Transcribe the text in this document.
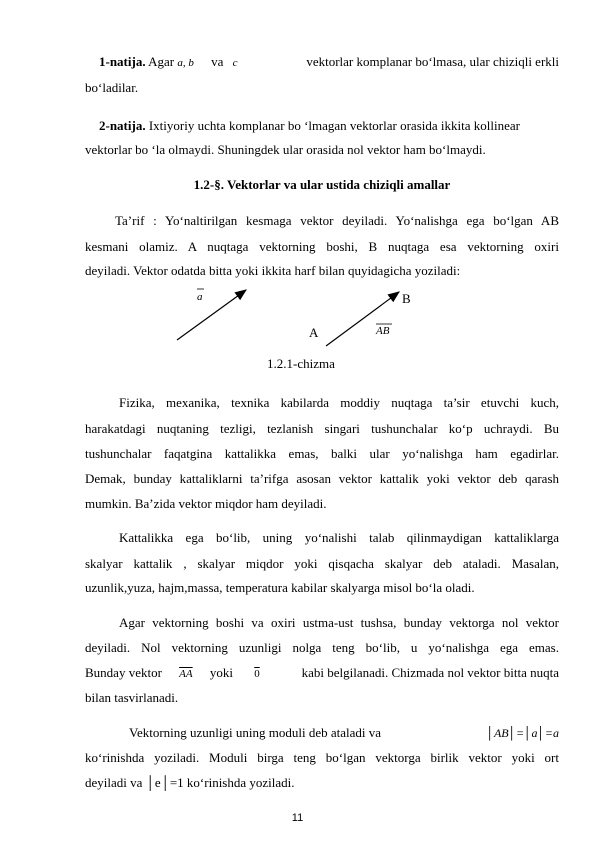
1-natija. Agar a, b va c	vektorlar komplanar bo‘lmasa, ular chiziqli erkli
bo‘ladilar.
2-natija. Ixtiyoriy uchta komplanar bo ‘lmagan vektorlar orasida ikkita kollinear
vektorlar bo ‘la olmaydi. Shuningdek ular orasida nol vektor ham bo‘lmaydi.
1.2-§. Vektorlar va ular ustida chiziqli amallar
Ta’rif : Yo‘naltirilgan kesmaga vektor deyiladi. Yo‘nalishga ega bo‘lgan AB
kesmani olamiz. A nuqtaga vektorning boshi, B nuqtaga esa vektorning oxiri
deyiladi. Vektor odatda bitta yoki ikkita harf bilan quyidagicha yoziladi:
a	B
A	AB
1.2.1-chizma
Fizika, mexanika, texnika kabilarda moddiy nuqtaga ta’sir etuvchi kuch,
harakatdagi nuqtaning tezligi, tezlanish singari tushunchalar ko‘p uchraydi. Bu
tushunchalar faqatgina kattalikka emas, balki ular yo‘nalishga ham egadirlar.
Demak, bunday kattaliklarni ta’rifga asosan vektor kattalik yoki vektor deb qarash
mumkin. Ba’zida vektor miqdor ham deyiladi.
Kattalikka ega bo‘lib, uning yo‘nalishi talab qilinmaydigan kattaliklarga
skalyar kattalik , skalyar miqdor yoki qisqacha skalyar deb ataladi. Masalan,
uzunlik,yuza, hajm,massa, temperatura kabilar skalyarga misol bo‘la oladi.
Agar vektorning boshi va oxiri ustma-ust tushsa, bunday vektorga nol vektor
deyiladi. Nol vektorning uzunligi nolga teng bo‘lib, u yo‘nalishga ega emas.
Bunday vektor $\overline{AA}$ yoki 0	kabi belgilanadi. Chizmada nol vektor bitta nuqta
bilan tasvirlanadi.
Vektorning uzunligi uning moduli deb ataladi va	│AB│=│a│=a
ko‘rinishda yoziladi. Moduli birga teng bo‘lgan vektorga birlik vektor yoki ort
deyiladi va │e│=1 ko‘rinishda yoziladi.
11
